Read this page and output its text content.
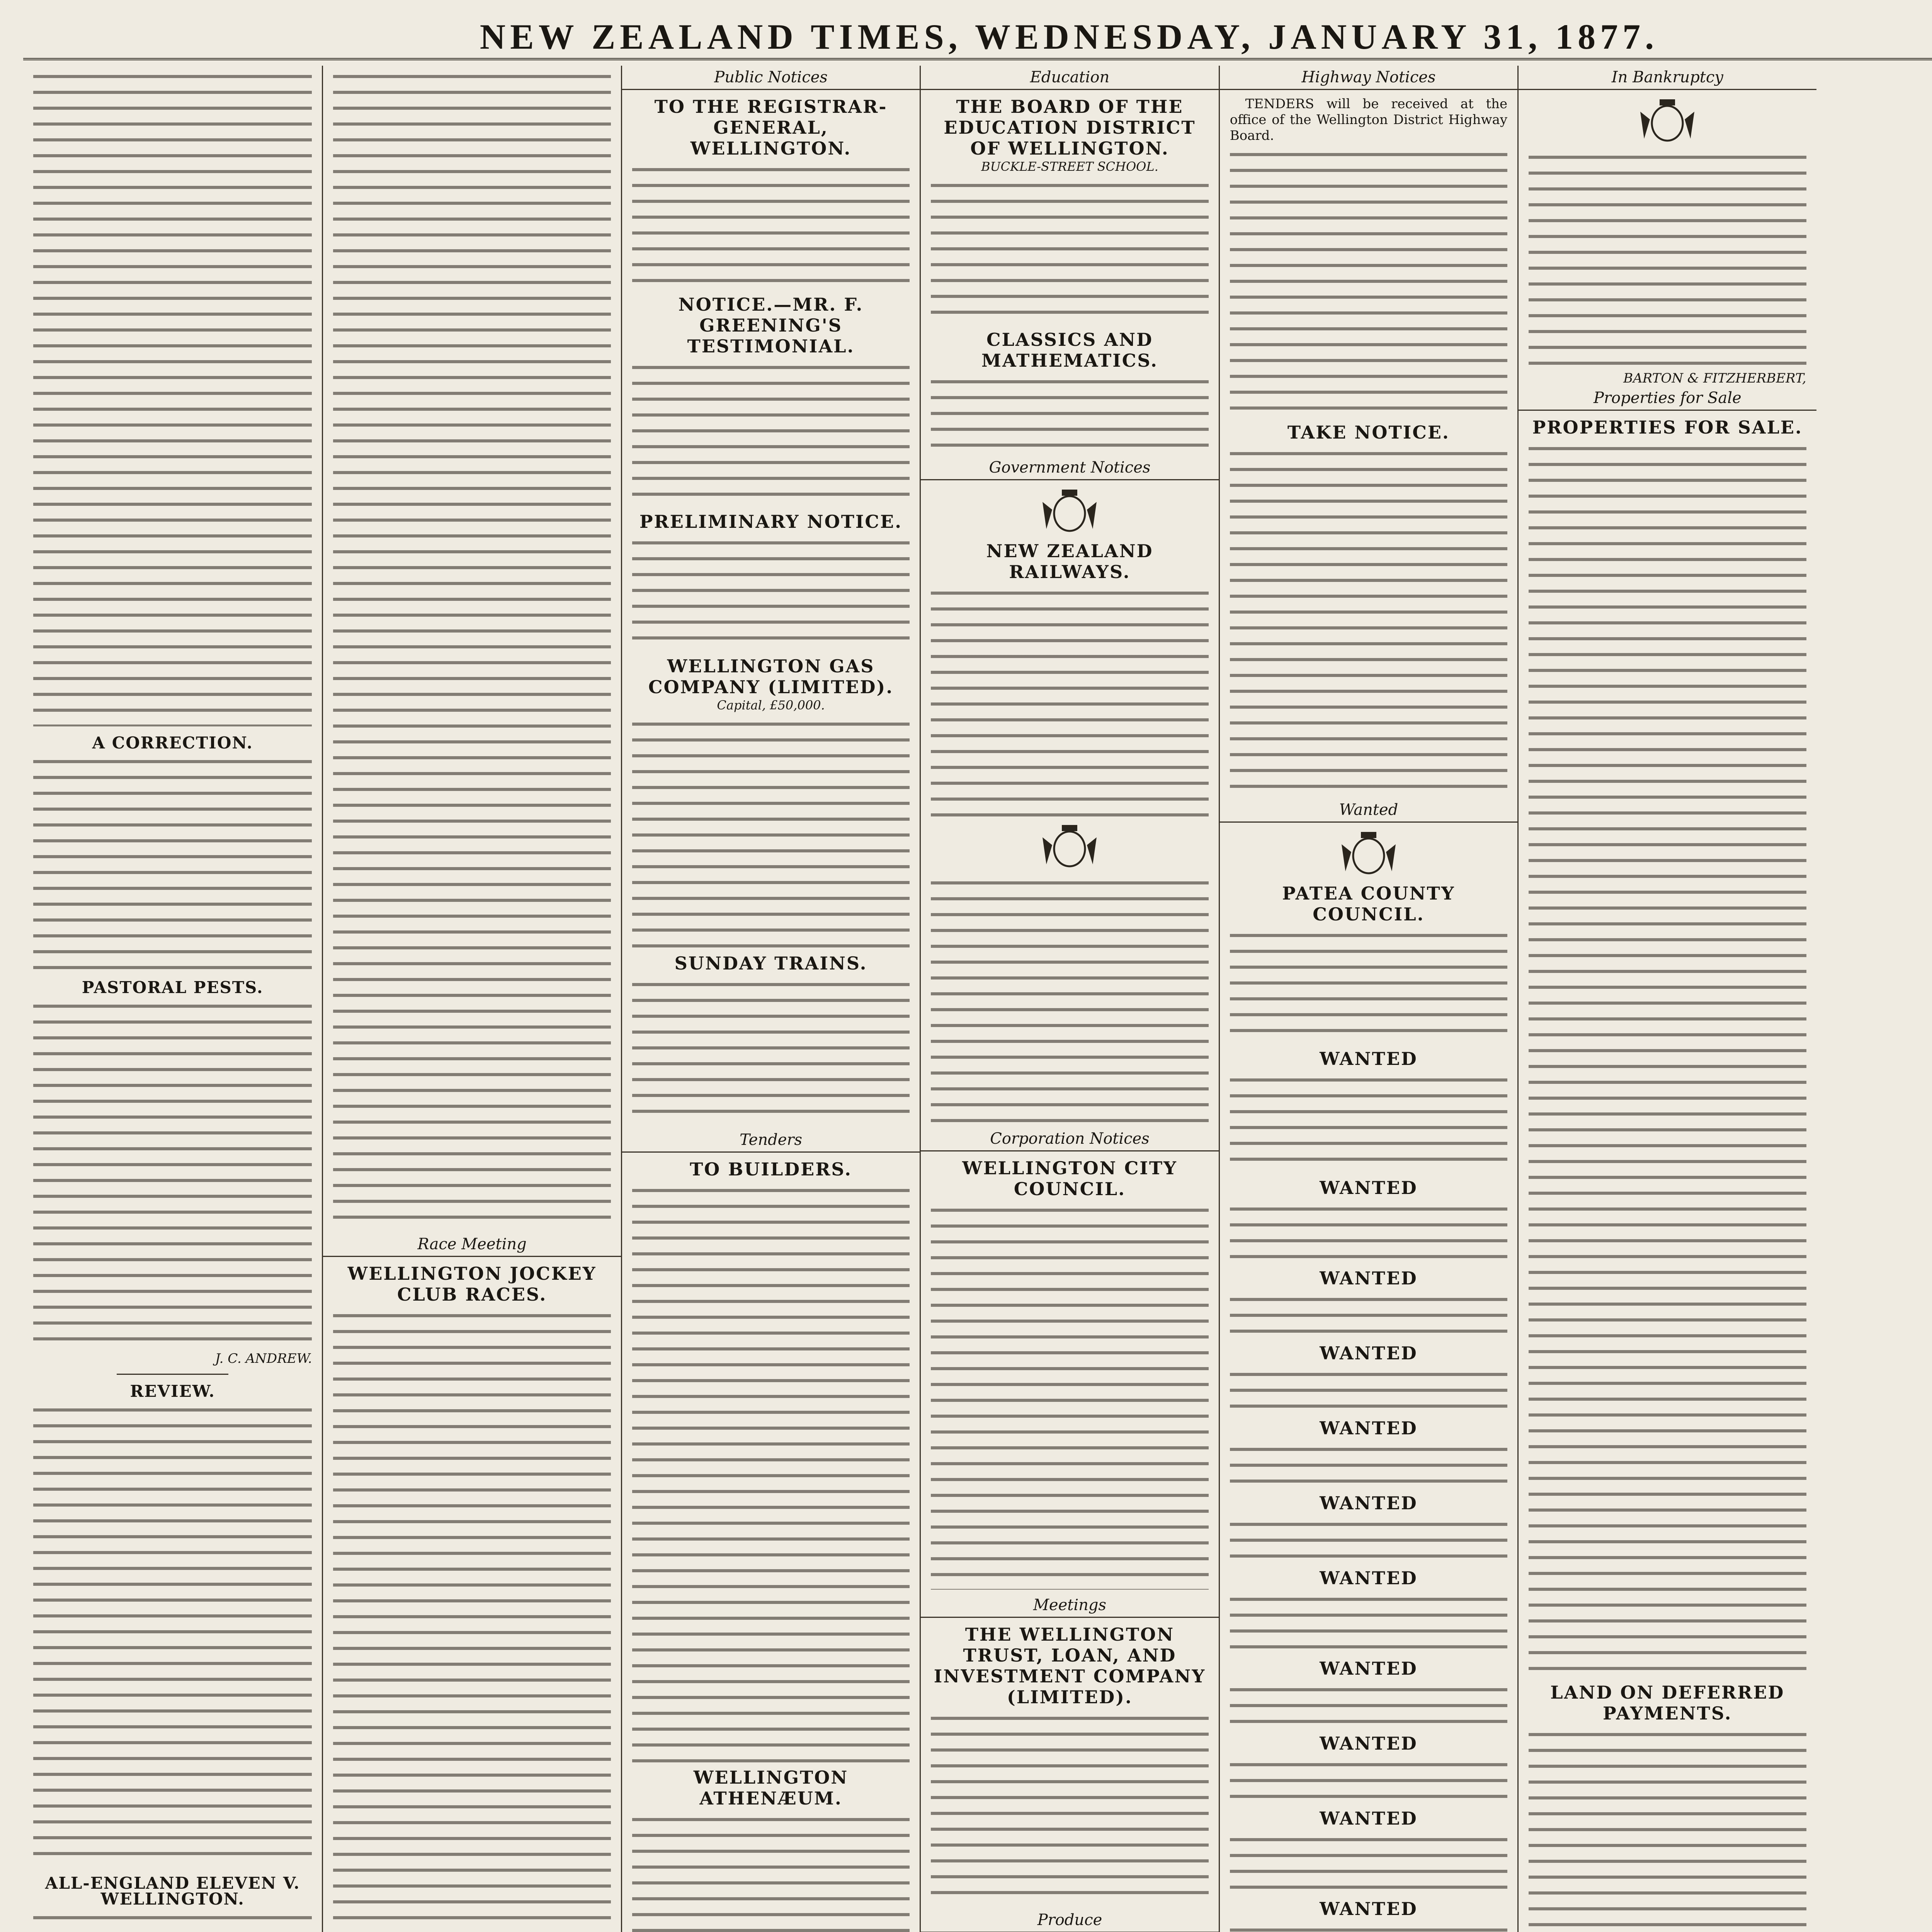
NEW ZEALAND TIMES, WEDNESDAY, JANUARY 31, 1877.
A CORRECTION.
PASTORAL PESTS.
J. C. ANDREW.
REVIEW.
ALL-ENGLAND ELEVEN V. WELLINGTON.
Race Meeting
WELLINGTON JOCKEY CLUB RACES.
Public Notices
TO THE REGISTRAR-GENERAL, WELLINGTON.
NOTICE.—MR. F. GREENING'S TESTIMONIAL.
PRELIMINARY NOTICE.
WELLINGTON GAS COMPANY (LIMITED).
Capital, £50,000.
SUNDAY TRAINS.
Tenders
TO BUILDERS.
WELLINGTON ATHENÆUM.
Education
THE BOARD OF THE EDUCATION DISTRICT OF WELLINGTON.
BUCKLE-STREET SCHOOL.
CLASSICS AND MATHEMATICS.
Government Notices
NEW ZEALAND RAILWAYS.
Corporation Notices
WELLINGTON CITY COUNCIL.
Meetings
THE WELLINGTON TRUST, LOAN, AND INVESTMENT COMPANY (LIMITED).
Produce
Highway Notices
TENDERS will be received at the office of the Wellington District Highway Board.
TAKE NOTICE.
Wanted
PATEA COUNTY COUNCIL.
WANTED
WANTED
WANTED
WANTED
WANTED
WANTED
WANTED
WANTED
WANTED
WANTED
WANTED
In Bankruptcy
BARTON & FITZHERBERT,
Properties for Sale
PROPERTIES FOR SALE.
LAND ON DEFERRED PAYMENTS.
